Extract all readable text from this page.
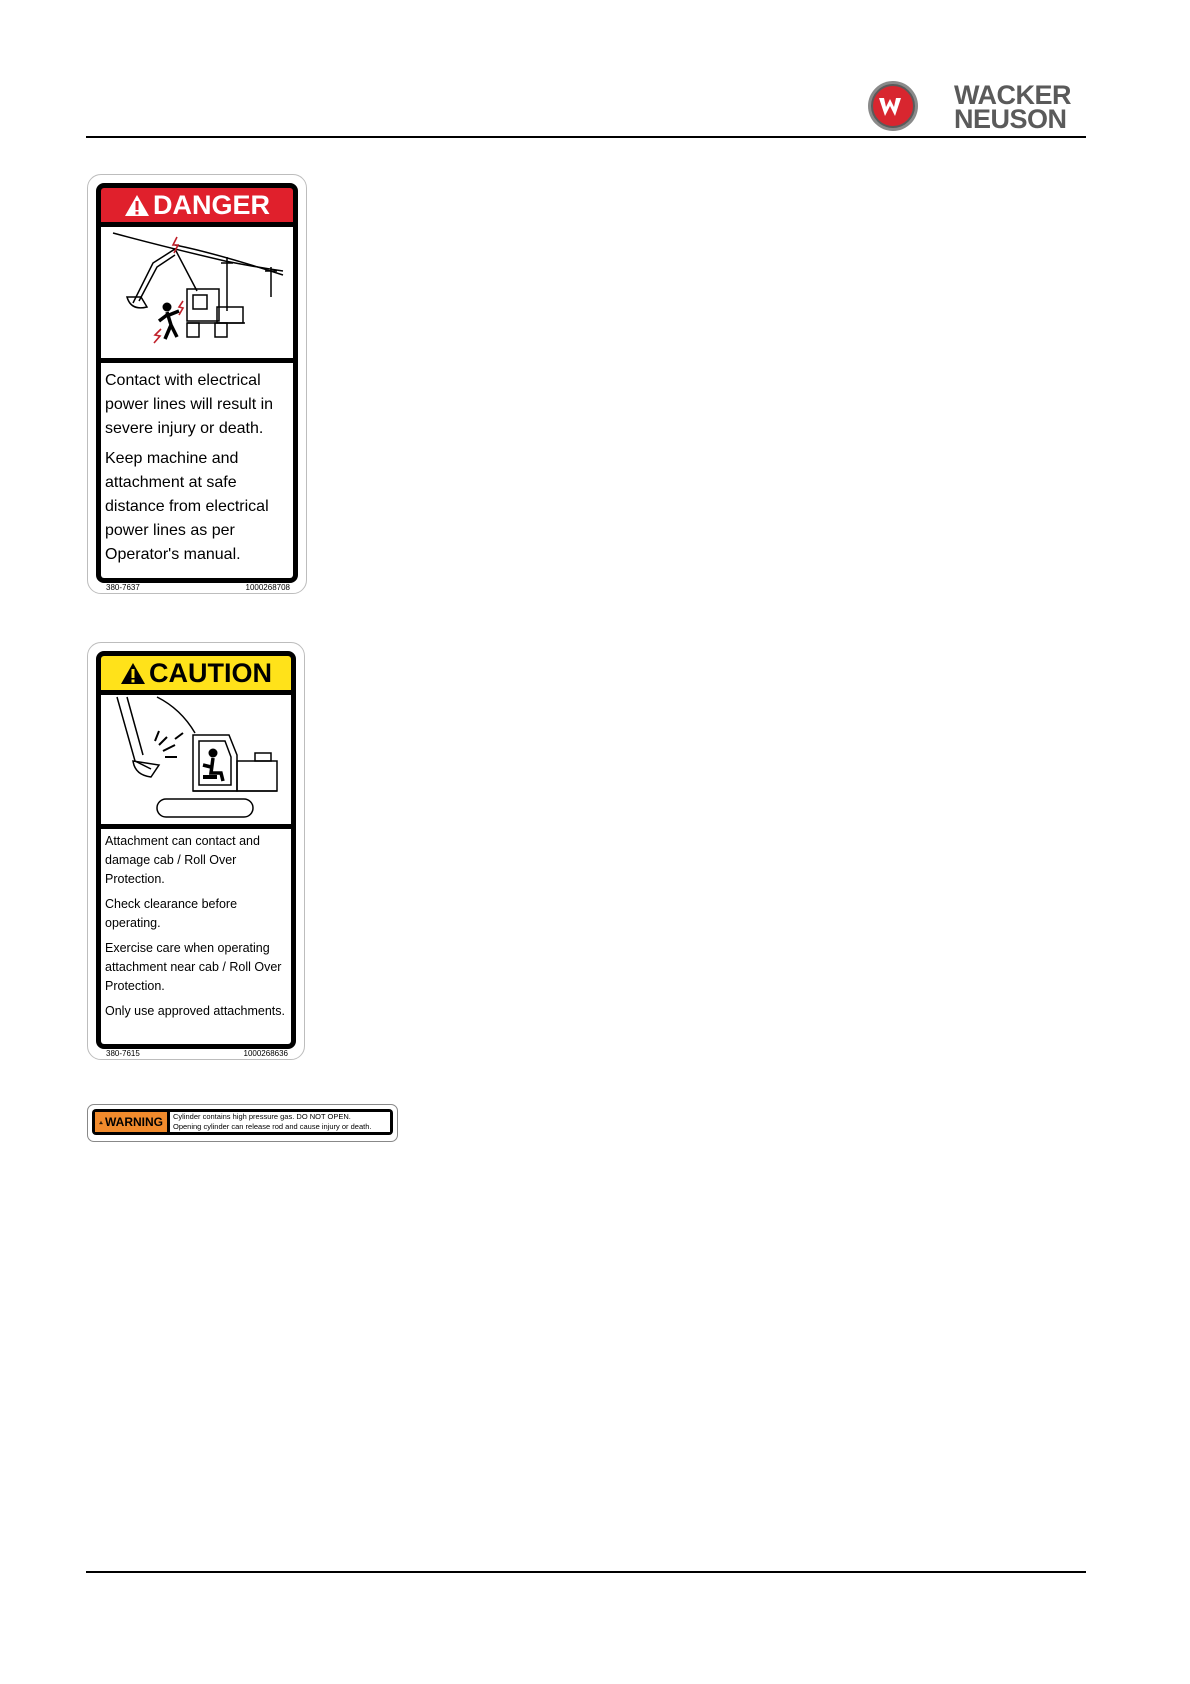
WACKER
NEUSON
DANGER

Contact with electrical power lines will result in severe injury or death.

Keep machine and attachment at safe distance from electrical power lines as per Operator's manual.

380-7637	1000268708
CAUTION

Attachment can contact and damage cab / Roll Over Protection.

Check clearance before operating.

Exercise care when operating attachment near cab / Roll Over Protection.

Only use approved attachments.

380-7615	1000268636
WARNING Cylinder contains high pressure gas. DO NOT OPEN.
Opening cylinder can release rod and cause injury or death.
